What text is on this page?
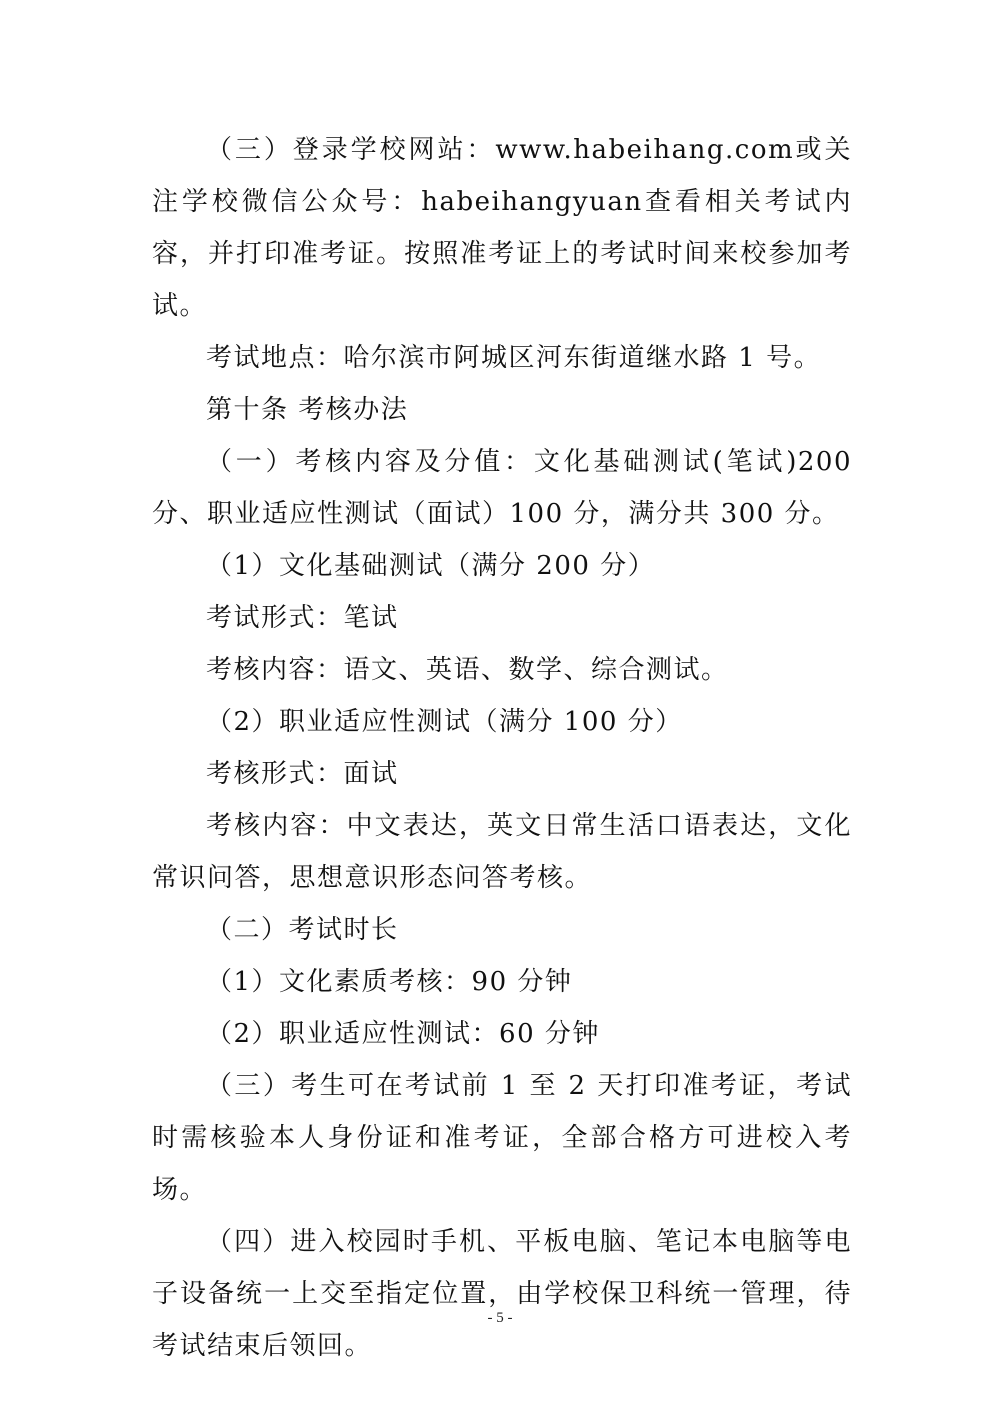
（三）登录学校网站：www.habeihang.com或关注学校微信公众号：habeihangyuan查看相关考试内容，并打印准考证。按照准考证上的考试时间来校参加考试。

考试地点：哈尔滨市阿城区河东街道继水路 1 号。

第十条 考核办法

（一）考核内容及分值：文化基础测试(笔试)200 分、职业适应性测试（面试）100 分，满分共 300 分。

（1）文化基础测试（满分 200 分）

考试形式：笔试

考核内容：语文、英语、数学、综合测试。

（2）职业适应性测试（满分 100 分）

考核形式：面试

考核内容：中文表达，英文日常生活口语表达，文化常识问答，思想意识形态问答考核。

（二）考试时长

（1）文化素质考核：90 分钟

（2）职业适应性测试：60 分钟

（三）考生可在考试前 1 至 2 天打印准考证，考试时需核验本人身份证和准考证，全部合格方可进校入考场。

（四）进入校园时手机、平板电脑、笔记本电脑等电子设备统一上交至指定位置，由学校保卫科统一管理，待考试结束后领回。

- 5 -
